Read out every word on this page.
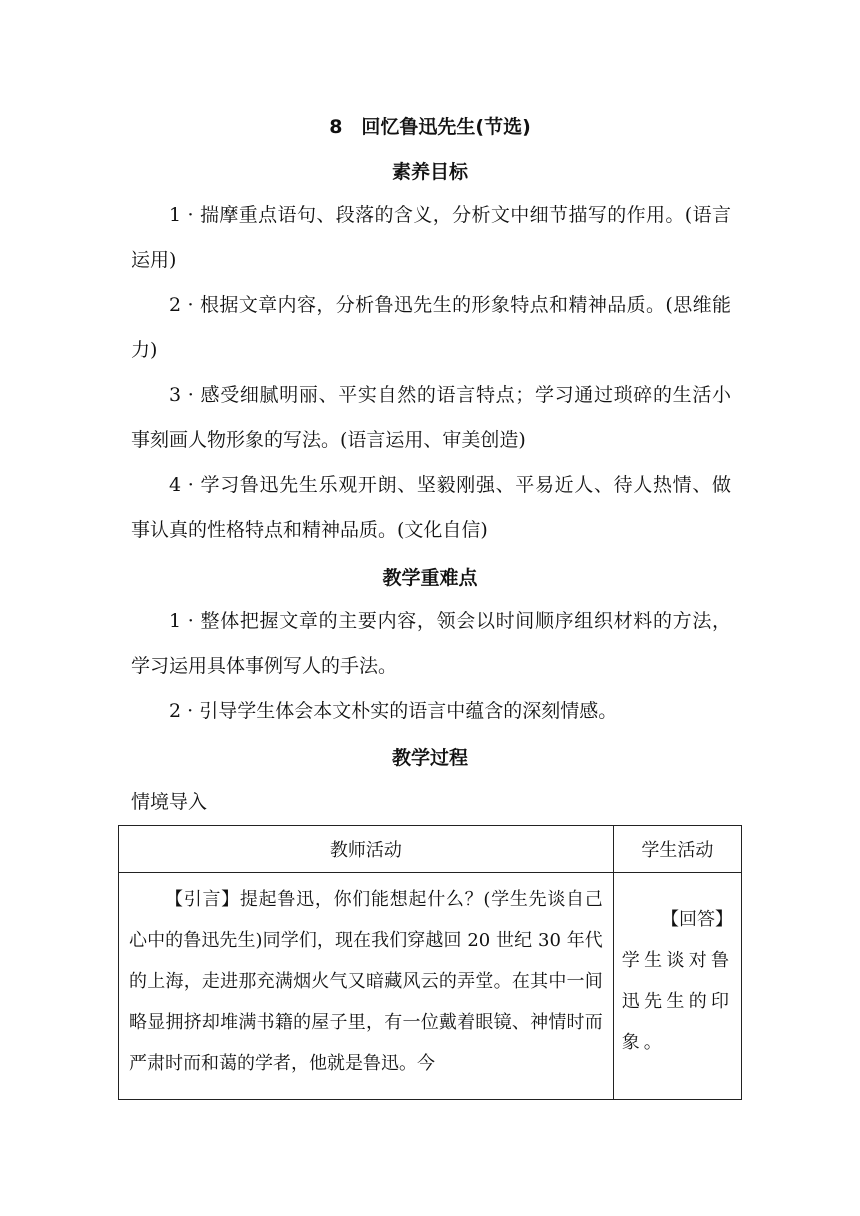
8　回忆鲁迅先生(节选)
素养目标

1 · 揣摩重点语句、段落的含义，分析文中细节描写的作用。(语言运用)

2 · 根据文章内容，分析鲁迅先生的形象特点和精神品质。(思维能力)

3 · 感受细腻明丽、平实自然的语言特点；学习通过琐碎的生活小事刻画人物形象的写法。(语言运用、审美创造)

4 · 学习鲁迅先生乐观开朗、坚毅刚强、平易近人、待人热情、做事认真的性格特点和精神品质。(文化自信)

教学重难点

1 · 整体把握文章的主要内容，领会以时间顺序组织材料的方法，学习运用具体事例写人的手法。

2 · 引导学生体会本文朴实的语言中蕴含的深刻情感。

教学过程
情境导入
教师活动	学生活动

【引言】提起鲁迅，你们能想起什么？(学生先谈自己心中的鲁迅先生)同学们，现在我们穿越回 20 世纪 30 年代的上海，走进那充满烟火气又暗藏风云的弄堂。在其中一间略显拥挤却堆满书籍的屋子里，有一位戴着眼镜、神情时而严肃时而和蔼的学者，他就是鲁迅。今	【回答】
学生谈对鲁迅先生的印象。
